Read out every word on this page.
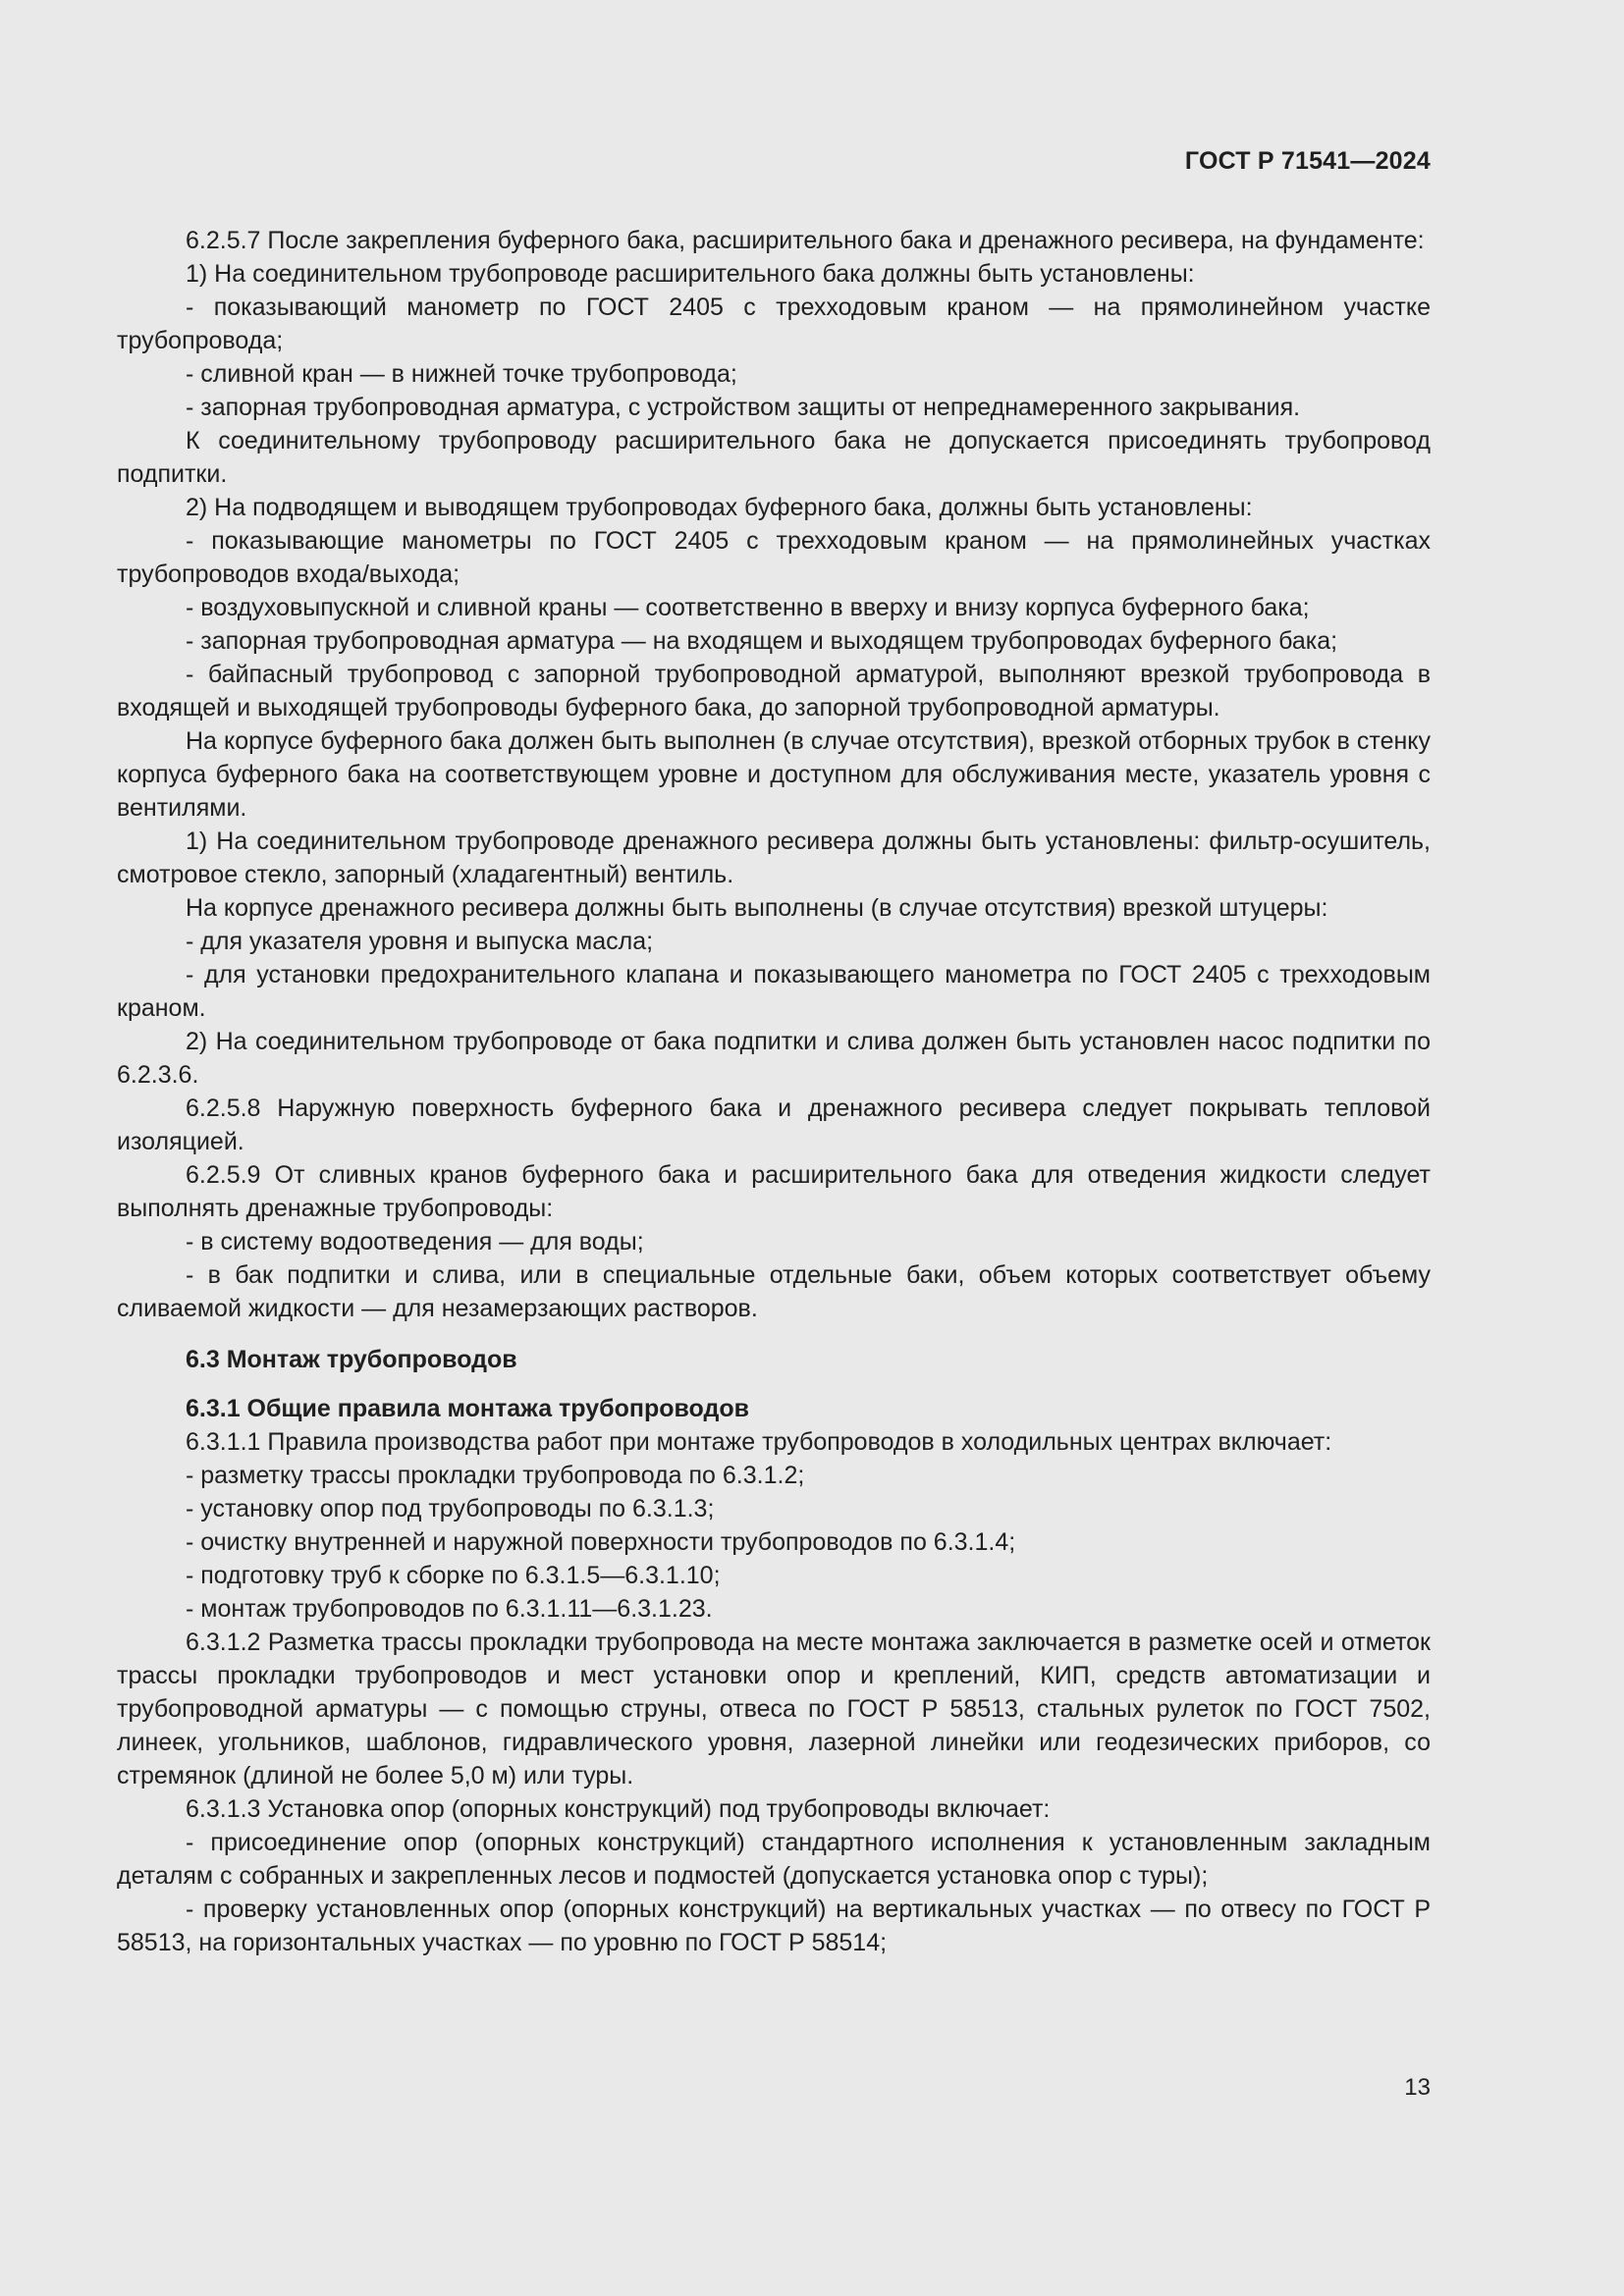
ГОСТ Р 71541—2024

6.2.5.7 После закрепления буферного бака, расширительного бака и дренажного ресивера, на фундаменте:

1) На соединительном трубопроводе расширительного бака должны быть установлены:

- показывающий манометр по ГОСТ 2405 с трехходовым краном — на прямолинейном участке трубопровода;

- сливной кран — в нижней точке трубопровода;

- запорная трубопроводная арматура, с устройством защиты от непреднамеренного закрывания.

К соединительному трубопроводу расширительного бака не допускается присоединять трубопровод подпитки.

2) На подводящем и выводящем трубопроводах буферного бака, должны быть установлены:

- показывающие манометры по ГОСТ 2405 с трехходовым краном — на прямолинейных участках трубопроводов входа/выхода;

- воздуховыпускной и сливной краны — соответственно в вверху и внизу корпуса буферного бака;

- запорная трубопроводная арматура — на входящем и выходящем трубопроводах буферного бака;

- байпасный трубопровод с запорной трубопроводной арматурой, выполняют врезкой трубопровода в входящей и выходящей трубопроводы буферного бака, до запорной трубопроводной арматуры.

На корпусе буферного бака должен быть выполнен (в случае отсутствия), врезкой отборных трубок в стенку корпуса буферного бака на соответствующем уровне и доступном для обслуживания месте, указатель уровня с вентилями.

1) На соединительном трубопроводе дренажного ресивера должны быть установлены: фильтр-осушитель, смотровое стекло, запорный (хладагентный) вентиль.

На корпусе дренажного ресивера должны быть выполнены (в случае отсутствия) врезкой штуцеры:

- для указателя уровня и выпуска масла;

- для установки предохранительного клапана и показывающего манометра по ГОСТ 2405 с трехходовым краном.

2) На соединительном трубопроводе от бака подпитки и слива должен быть установлен насос подпитки по 6.2.3.6.

6.2.5.8 Наружную поверхность буферного бака и дренажного ресивера следует покрывать тепловой изоляцией.

6.2.5.9 От сливных кранов буферного бака и расширительного бака для отведения жидкости следует выполнять дренажные трубопроводы:

- в систему водоотведения — для воды;

- в бак подпитки и слива, или в специальные отдельные баки, объем которых соответствует объему сливаемой жидкости — для незамерзающих растворов.

6.3 Монтаж трубопроводов

6.3.1 Общие правила монтажа трубопроводов

6.3.1.1 Правила производства работ при монтаже трубопроводов в холодильных центрах включает:

- разметку трассы прокладки трубопровода по 6.3.1.2;

- установку опор под трубопроводы по 6.3.1.3;

- очистку внутренней и наружной поверхности трубопроводов по 6.3.1.4;

- подготовку труб к сборке по 6.3.1.5—6.3.1.10;

- монтаж трубопроводов по 6.3.1.11—6.3.1.23.

6.3.1.2 Разметка трассы прокладки трубопровода на месте монтажа заключается в разметке осей и отметок трассы прокладки трубопроводов и мест установки опор и креплений, КИП, средств автоматизации и трубопроводной арматуры — с помощью струны, отвеса по ГОСТ Р 58513, стальных рулеток по ГОСТ 7502, линеек, угольников, шаблонов, гидравлического уровня, лазерной линейки или геодезических приборов, со стремянок (длиной не более 5,0 м) или туры.

6.3.1.3 Установка опор (опорных конструкций) под трубопроводы включает:

- присоединение опор (опорных конструкций) стандартного исполнения к установленным закладным деталям с собранных и закрепленных лесов и подмостей (допускается установка опор с туры);

- проверку установленных опор (опорных конструкций) на вертикальных участках — по отвесу по ГОСТ Р 58513, на горизонтальных участках — по уровню по ГОСТ Р 58514;

13
